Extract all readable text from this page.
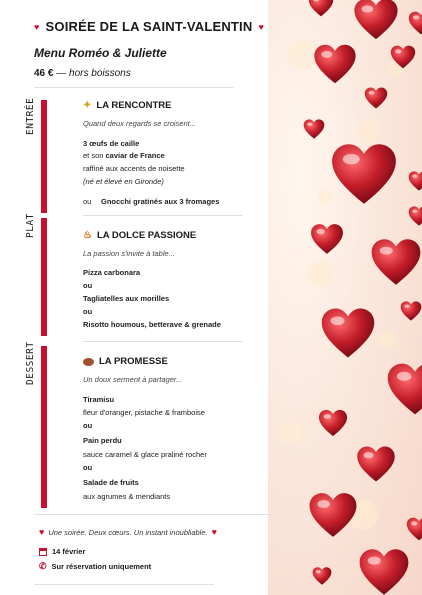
♥ SOIRÉE DE LA SAINT-VALENTIN ♥
Menu Roméo & Juliette
46 € — hors boissons
ENTRÉE	✦ LA RENCONTRE
Quand deux regards se croisent...
3 œufs de caille
et son caviar de France
raffiné aux accents de noisette
(né et élevé en Gironde)
ou Gnocchi gratinés aux 3 fromages
PLAT	♨ LA DOLCE PASSIONE
La passion s'invite à table...
Pizza carbonara
ou
Tagliatelles aux morilles
ou
Risotto houmous, betterave & grenade
DESSERT	LA PROMESSE
Un doux serment à partager...
Tiramisu
fleur d'oranger, pistache & framboise
ou
Pain perdu
sauce caramel & glace praliné rocher
ou
Salade de fruits
aux agrumes & mendiants
♥ Une soirée. Deux cœurs. Un instant inoubliable. ♥
14 février
✆ Sur réservation uniquement
